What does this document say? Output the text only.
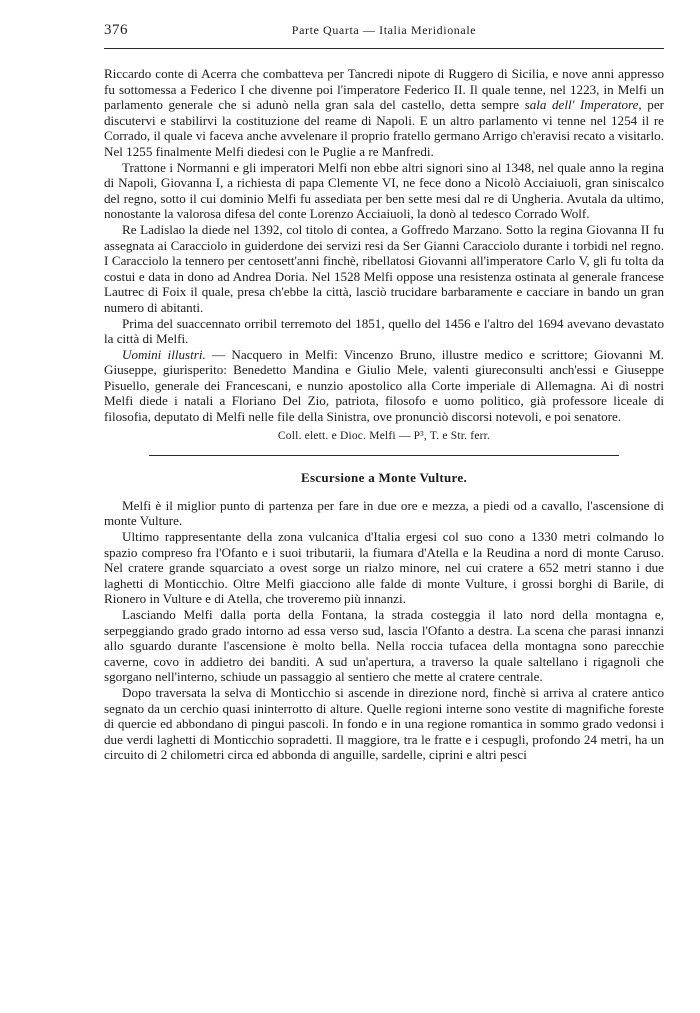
376	Parte Quarta — Italia Meridionale

Riccardo conte di Acerra che combatteva per Tancredi nipote di Ruggero di Sicilia, e nove anni appresso fu sottomessa a Federico I che divenne poi l'imperatore Federico II. Il quale tenne, nel 1223, in Melfi un parlamento generale che si adunò nella gran sala del castello, detta sempre sala dell' Imperatore, per discutervi e stabilirvi la costituzione del reame di Napoli. E un altro parlamento vi tenne nel 1254 il re Corrado, il quale vi faceva anche avvelenare il proprio fratello germano Arrigo ch'eravisi recato a visitarlo. Nel 1255 finalmente Melfi diedesi con le Puglie a re Manfredi.

Trattone i Normanni e gli imperatori Melfi non ebbe altri signori sino al 1348, nel quale anno la regina di Napoli, Giovanna I, a richiesta di papa Clemente VI, ne fece dono a Nicolò Acciaiuoli, gran siniscalco del regno, sotto il cui dominio Melfi fu assediata per ben sette mesi dal re di Ungheria. Avutala da ultimo, nonostante la valorosa difesa del conte Lorenzo Acciaiuoli, la donò al tedesco Corrado Wolf.

Re Ladislao la diede nel 1392, col titolo di contea, a Goffredo Marzano. Sotto la regina Giovanna II fu assegnata ai Caracciolo in guiderdone dei servizi resi da Ser Gianni Caracciolo durante i torbidi nel regno. I Caracciolo la tennero per centosett'anni finchè, ribellatosi Giovanni all'imperatore Carlo V, gli fu tolta da costui e data in dono ad Andrea Doria. Nel 1528 Melfi oppose una resistenza ostinata al generale francese Lautrec di Foix il quale, presa ch'ebbe la città, lasciò trucidare barbaramente e cacciare in bando un gran numero di abitanti.

Prima del suaccennato orribil terremoto del 1851, quello del 1456 e l'altro del 1694 avevano devastato la città di Melfi.

Uomini illustri. — Nacquero in Melfi: Vincenzo Bruno, illustre medico e scrittore; Giovanni M. Giuseppe, giurisperito: Benedetto Mandina e Giulio Mele, valenti giureconsulti anch'essi e Giuseppe Pisuello, generale dei Francescani, e nunzio apostolico alla Corte imperiale di Allemagna. Ai dì nostri Melfi diede i natali a Floriano Del Zio, patriota, filosofo e uomo politico, già professore liceale di filosofia, deputato di Melfi nelle file della Sinistra, ove pronunciò discorsi notevoli, e poi senatore.

Coll. elett. e Dioc. Melfi — P³, T. e Str. ferr.

Escursione a Monte Vulture.

Melfi è il miglior punto di partenza per fare in due ore e mezza, a piedi od a cavallo, l'ascensione di monte Vulture.

Ultimo rappresentante della zona vulcanica d'Italia ergesi col suo cono a 1330 metri colmando lo spazio compreso fra l'Ofanto e i suoi tributarii, la fiumara d'Atella e la Reudina a nord di monte Caruso. Nel cratere grande squarciato a ovest sorge un rialzo minore, nel cui cratere a 652 metri stanno i due laghetti di Monticchio. Oltre Melfi giacciono alle falde di monte Vulture, i grossi borghi di Barile, di Rionero in Vulture e di Atella, che troveremo più innanzi.

Lasciando Melfi dalla porta della Fontana, la strada costeggia il lato nord della montagna e, serpeggiando grado grado intorno ad essa verso sud, lascia l'Ofanto a destra. La scena che parasi innanzi allo sguardo durante l'ascensione è molto bella. Nella roccia tufacea della montagna sono parecchie caverne, covo in addietro dei banditi. A sud un'apertura, a traverso la quale saltellano i rigagnoli che sgorgano nell'interno, schiude un passaggio al sentiero che mette al cratere centrale.

Dopo traversata la selva di Monticchio si ascende in direzione nord, finchè si arriva al cratere antico segnato da un cerchio quasi ininterrotto di alture. Quelle regioni interne sono vestite di magnifiche foreste di quercie ed abbondano di pingui pascoli. In fondo e in una regione romantica in sommo grado vedonsi i due verdi laghetti di Monticchio sopradetti. Il maggiore, tra le fratte e i cespugli, profondo 24 metri, ha un circuito di 2 chilometri circa ed abbonda di anguille, sardelle, ciprini e altri pesci
